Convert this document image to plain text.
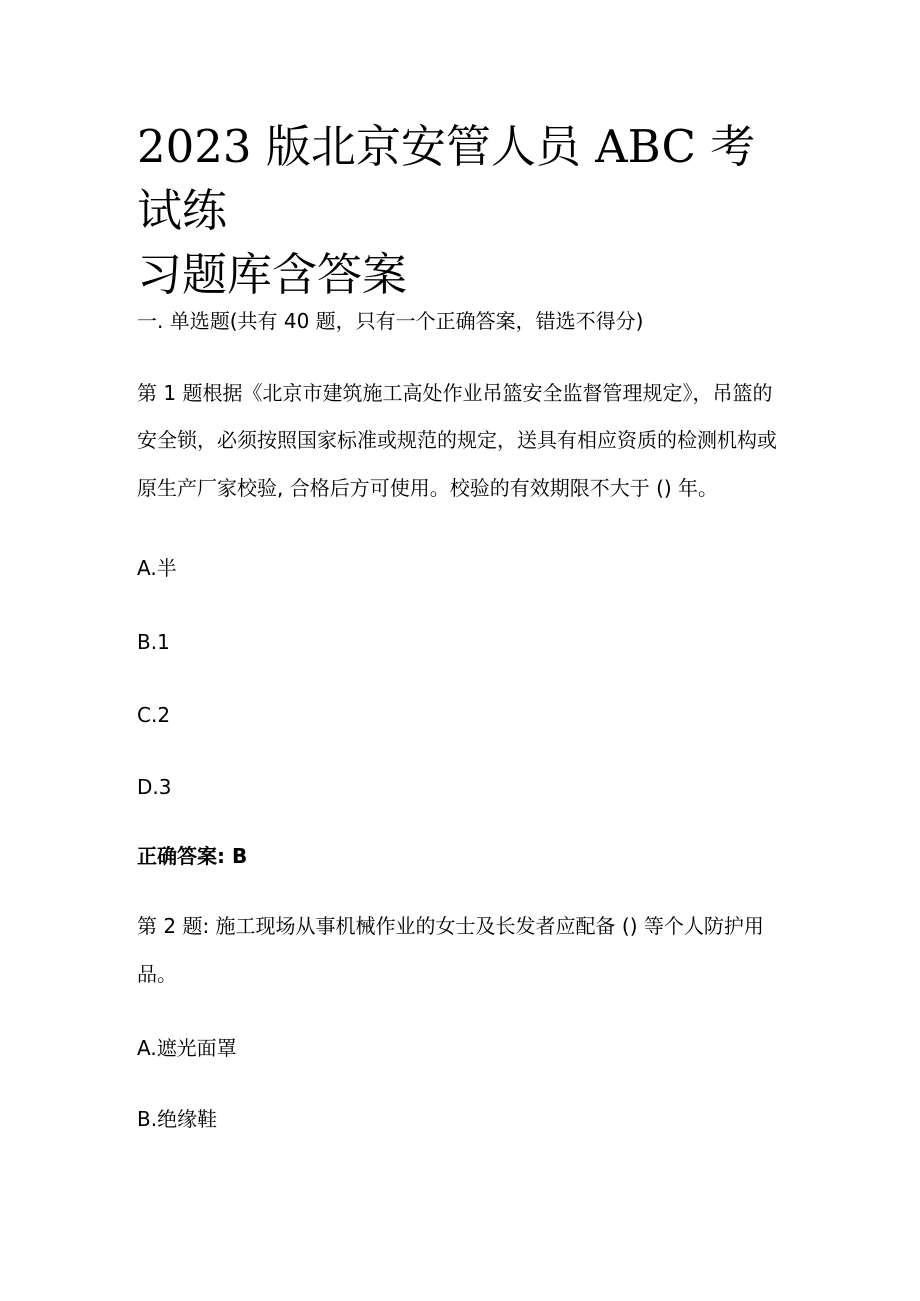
2023 版北京安管人员 ABC 考试练
习题库含答案
一. 单选题(共有 40 题，只有一个正确答案，错选不得分)
第 1 题根据《北京市建筑施工高处作业吊篮安全监督管理规定》，吊篮的
安全锁，必须按照国家标准或规范的规定，送具有相应资质的检测机构或
原生产厂家校验, 合格后方可使用。校验的有效期限不大于 () 年。
A.半
B.1
C.2
D.3
正确答案: B
第 2 题: 施工现场从事机械作业的女士及长发者应配备 () 等个人防护用
品。
A.遮光面罩
B.绝缘鞋
